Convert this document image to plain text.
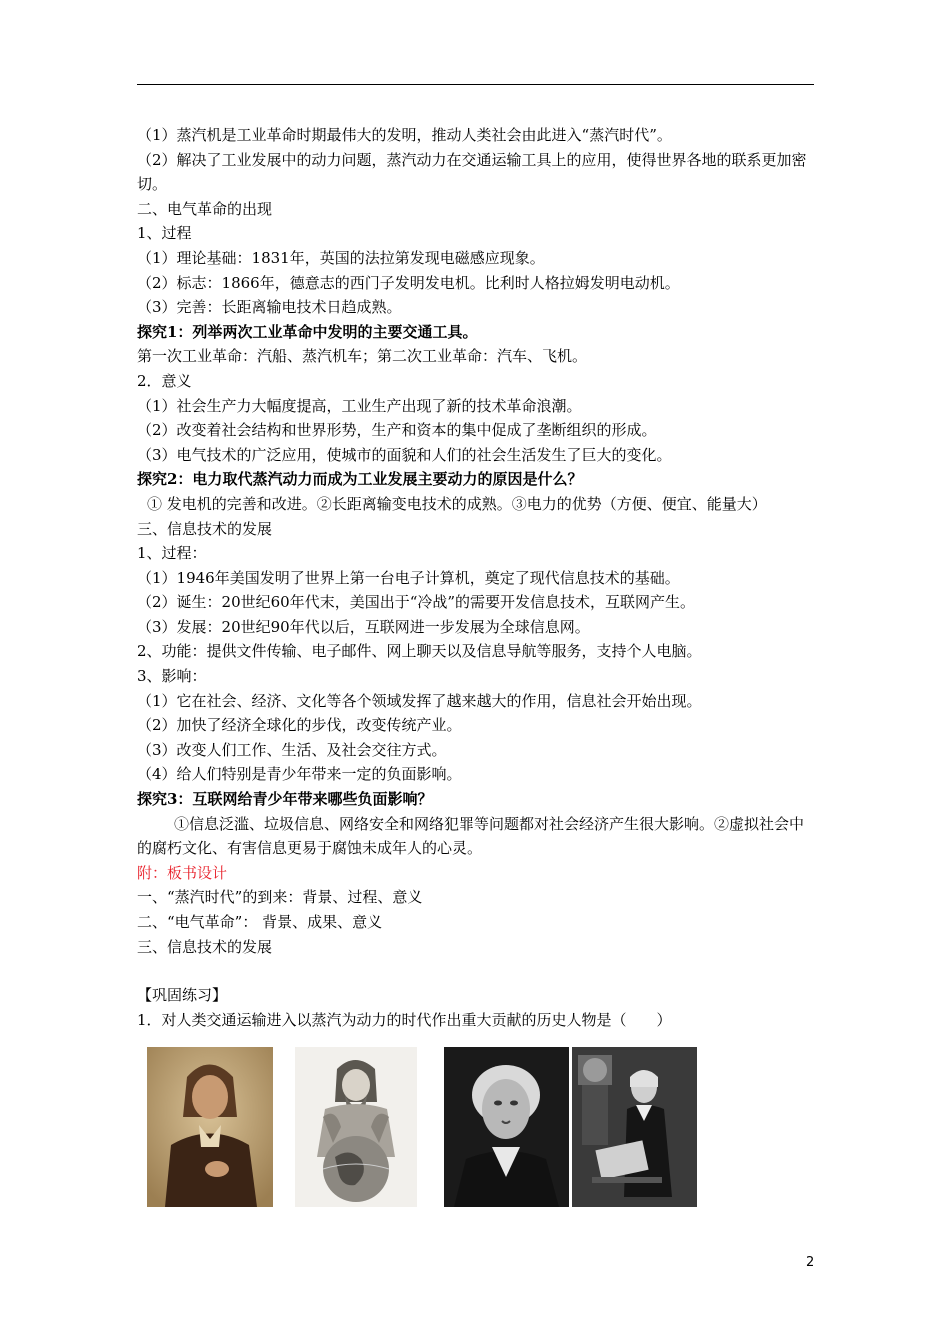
（1）蒸汽机是工业革命时期最伟大的发明，推动人类社会由此进入“蒸汽时代”。
（2）解决了工业发展中的动力问题，蒸汽动力在交通运输工具上的应用，使得世界各地的联系更加密切。
二、电气革命的出现
1、过程
（1）理论基础：1831年，英国的法拉第发现电磁感应现象。
（2）标志：1866年，德意志的西门子发明发电机。比利时人格拉姆发明电动机。
（3）完善：长距离输电技术日趋成熟。
探究1：列举两次工业革命中发明的主要交通工具。
第一次工业革命：汽船、蒸汽机车；第二次工业革命：汽车、飞机。
2．意义
（1）社会生产力大幅度提高，工业生产出现了新的技术革命浪潮。
（2）改变着社会结构和世界形势，生产和资本的集中促成了垄断组织的形成。
（3）电气技术的广泛应用，使城市的面貌和人们的社会生活发生了巨大的变化。
探究2：电力取代蒸汽动力而成为工业发展主要动力的原因是什么？
① 发电机的完善和改进。②长距离输变电技术的成熟。③电力的优势（方便、便宜、能量大）
三、信息技术的发展
1、过程：
（1）1946年美国发明了世界上第一台电子计算机，奠定了现代信息技术的基础。
（2）诞生：20世纪60年代末，美国出于“冷战”的需要开发信息技术，互联网产生。
（3）发展：20世纪90年代以后，互联网进一步发展为全球信息网。
2、功能：提供文件传输、电子邮件、网上聊天以及信息导航等服务，支持个人电脑。
3、影响：
（1）它在社会、经济、文化等各个领域发挥了越来越大的作用，信息社会开始出现。
（2）加快了经济全球化的步伐，改变传统产业。
（3）改变人们工作、生活、及社会交往方式。
（4）给人们特别是青少年带来一定的负面影响。
探究3：互联网给青少年带来哪些负面影响？
①信息泛滥、垃圾信息、网络安全和网络犯罪等问题都对社会经济产生很大影响。②虚拟社会中的腐朽文化、有害信息更易于腐蚀未成年人的心灵。
附：板书设计
一、“蒸汽时代”的到来：背景、过程、意义
二、“电气革命”： 背景、成果、意义
三、信息技术的发展
【巩固练习】
1．对人类交通运输进入以蒸汽为动力的时代作出重大贡献的历史人物是（　　）
2
